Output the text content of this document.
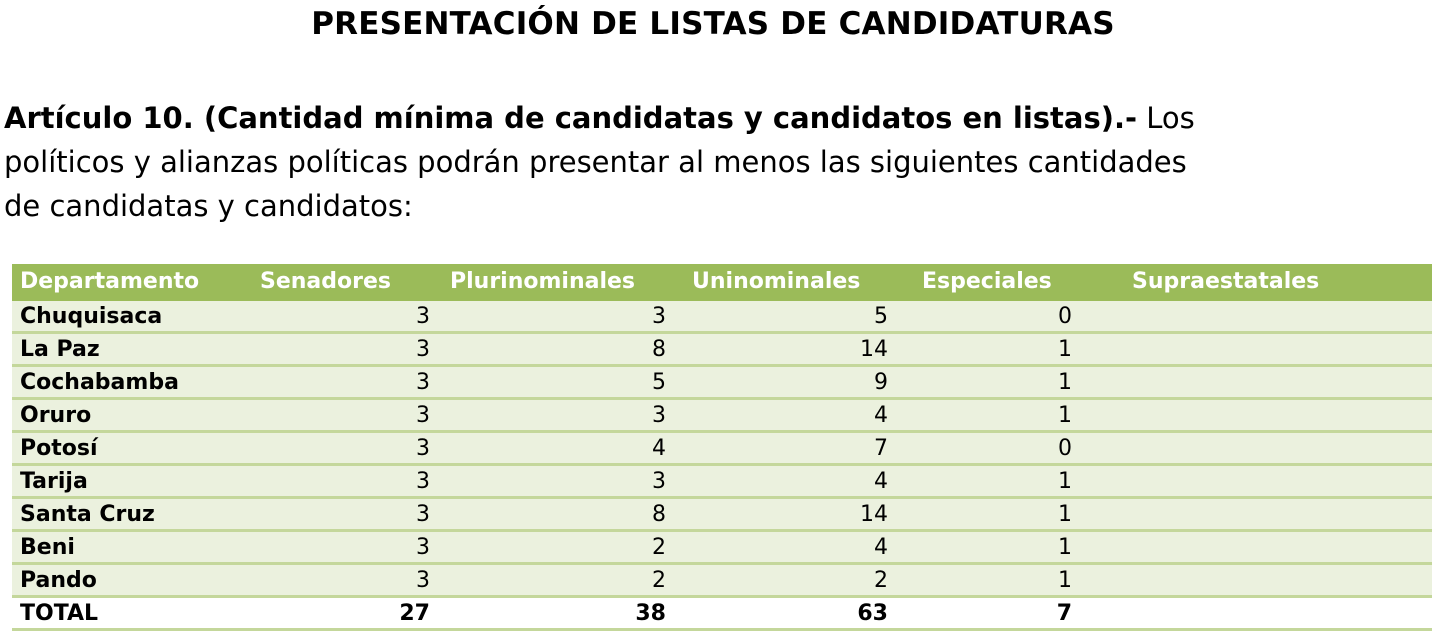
PRESENTACIÓN DE LISTAS DE CANDIDATURAS
Artículo 10. (Cantidad mínima de candidatas y candidatos en listas).- Los
políticos y alianzas políticas podrán presentar al menos las siguientes cantidades
de candidatas y candidatos:
Departamento	Senadores	Plurinominales	Uninominales	Especiales	Supraestatales
Chuquisaca	3	3	5	0	
La Paz	3	8	14	1	
Cochabamba	3	5	9	1	
Oruro	3	3	4	1	
Potosí	3	4	7	0	
Tarija	3	3	4	1	
Santa Cruz	3	8	14	1	
Beni	3	2	4	1	
Pando	3	2	2	1	
TOTAL	27	38	63	7	
